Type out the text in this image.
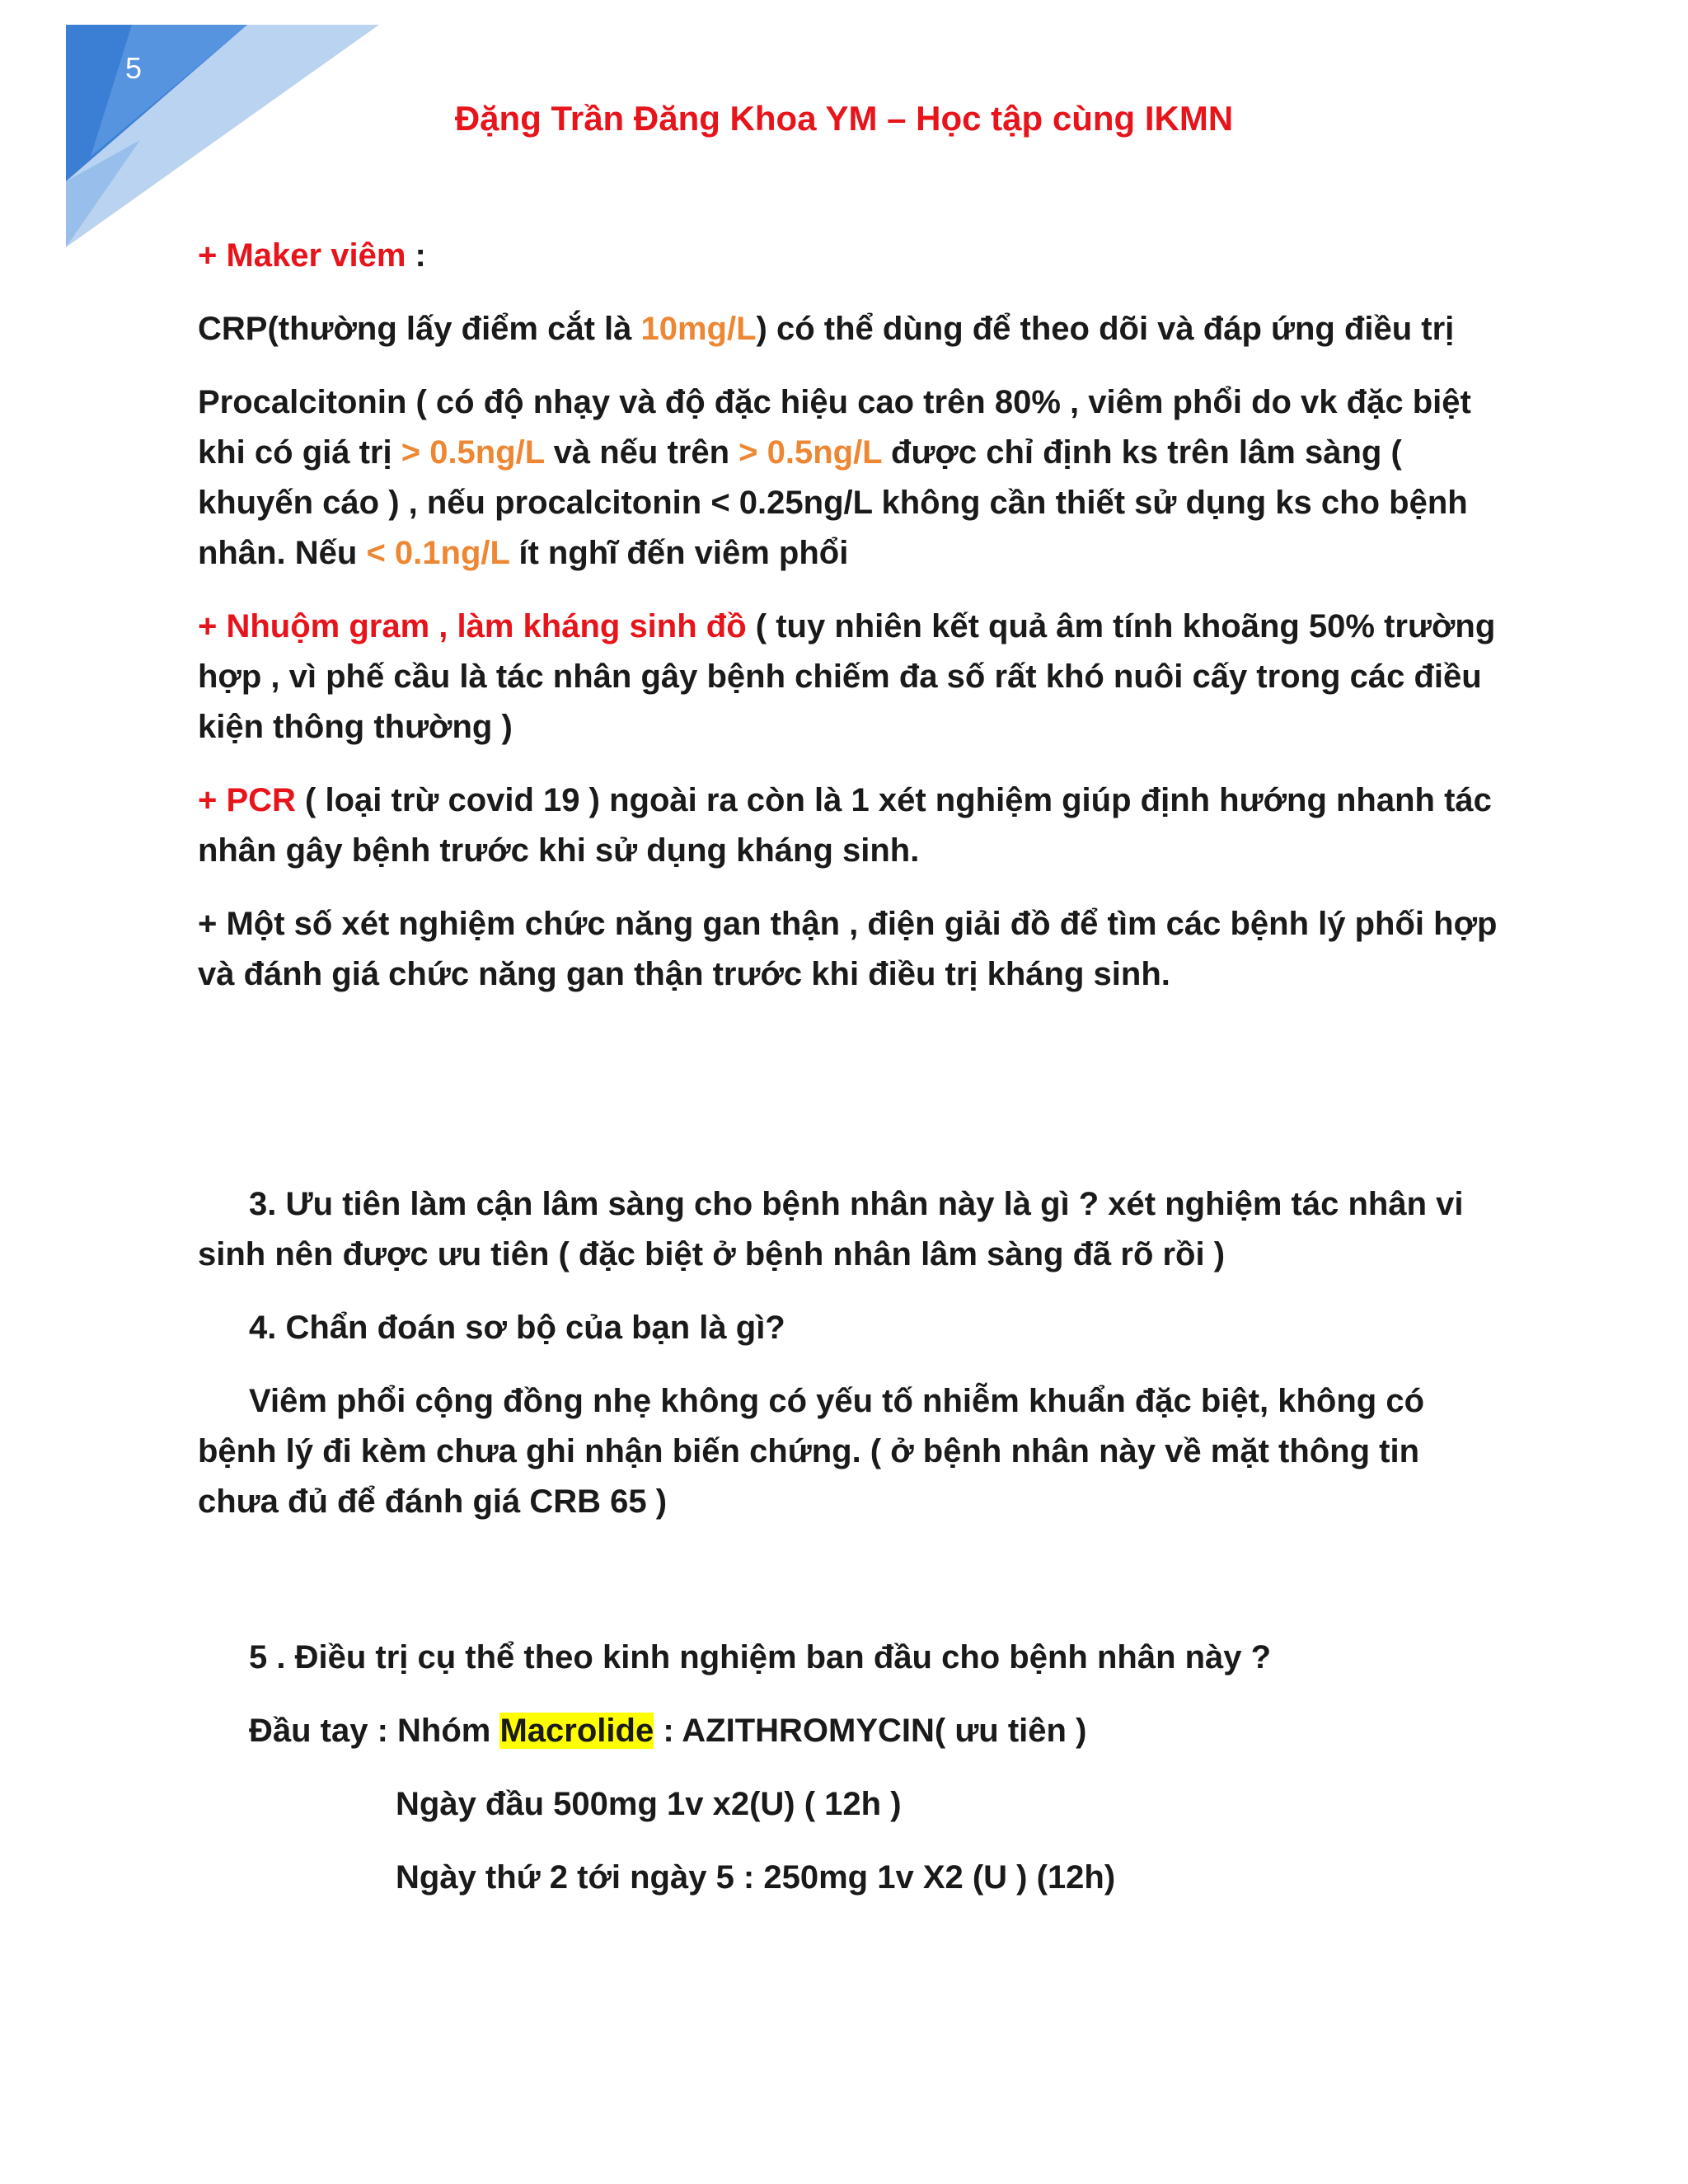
5
Đặng Trần Đăng Khoa YM – Học tập cùng IKMN

+ Maker viêm :

CRP(thường lấy điểm cắt là 10mg/L) có thể dùng để theo dõi và đáp ứng điều trị

Procalcitonin ( có độ nhạy và độ đặc hiệu cao trên 80% , viêm phổi do vk đặc biệt khi có giá trị > 0.5ng/L và nếu trên > 0.5ng/L được chỉ định ks trên lâm sàng ( khuyến cáo ) , nếu procalcitonin < 0.25ng/L không cần thiết sử dụng ks cho bệnh nhân. Nếu < 0.1ng/L ít nghĩ đến viêm phổi

+ Nhuộm gram , làm kháng sinh đồ ( tuy nhiên kết quả âm tính khoãng 50% trường hợp , vì phế cầu là tác nhân gây bệnh chiếm đa số rất khó nuôi cấy trong các điều kiện thông thường )

+ PCR ( loại trừ covid 19 ) ngoài ra còn là 1 xét nghiệm giúp định hướng nhanh tác nhân gây bệnh trước khi sử dụng kháng sinh.

+ Một số xét nghiệm chức năng gan thận , điện giải đồ để tìm các bệnh lý phối hợp và đánh giá chức năng gan thận trước khi điều trị kháng sinh.

3. Ưu tiên làm cận lâm sàng cho bệnh nhân này là gì ? xét nghiệm tác nhân vi sinh nên được ưu tiên ( đặc biệt ở bệnh nhân lâm sàng đã rõ rồi )

4. Chẩn đoán sơ bộ của bạn là gì?

Viêm phổi cộng đồng nhẹ không có yếu tố nhiễm khuẩn đặc biệt, không có bệnh lý đi kèm chưa ghi nhận biến chứng. ( ở bệnh nhân này về mặt thông tin chưa đủ để đánh giá CRB 65 )

5 . Điều trị cụ thể theo kinh nghiệm ban đầu cho bệnh nhân này ?

Đầu tay : Nhóm Macrolide : AZITHROMYCIN( ưu tiên )

Ngày đầu 500mg 1v x2(U) ( 12h )

Ngày thứ 2 tới ngày 5 : 250mg 1v X2 (U ) (12h)
